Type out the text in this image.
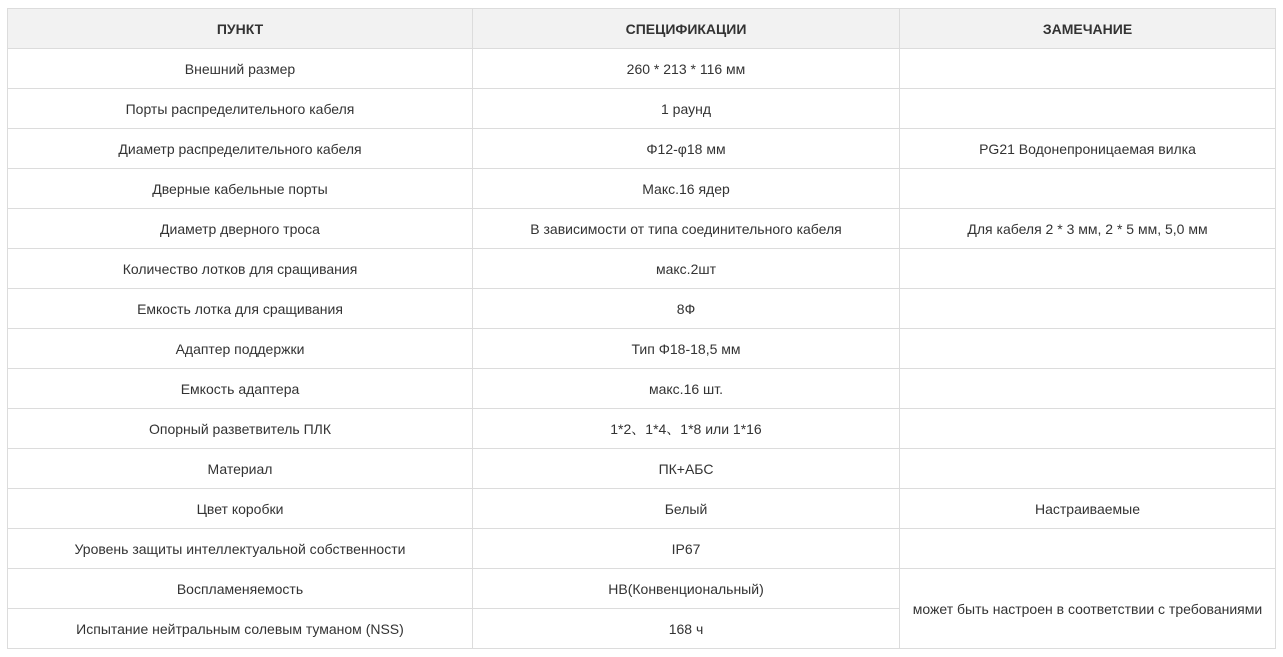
ПУНКТ	СПЕЦИФИКАЦИИ	ЗАМЕЧАНИЕ
Внешний размер	260 * 213 * 116 мм	
Порты распределительного кабеля	1 раунд	
Диаметр распределительного кабеля	Φ12-φ18 мм	PG21 Водонепроницаемая вилка
Дверные кабельные порты	Макс.16 ядер	
Диаметр дверного троса	В зависимости от типа соединительного кабеля	Для кабеля 2 * 3 мм, 2 * 5 мм, 5,0 мм
Количество лотков для сращивания	макс.2шт	
Емкость лотка для сращивания	8Ф	
Адаптер поддержки	Тип Φ18-18,5 мм	
Емкость адаптера	макс.16 шт.	
Опорный разветвитель ПЛК	1*2、1*4、1*8 или 1*16	
Материал	ПК+АБС	
Цвет коробки	Белый	Настраиваемые
Уровень защиты интеллектуальной собственности	IP67	
Воспламеняемость	HB(Конвенциональный)	может быть настроен в соответствии с требованиями
Испытание нейтральным солевым туманом (NSS)	168 ч	
